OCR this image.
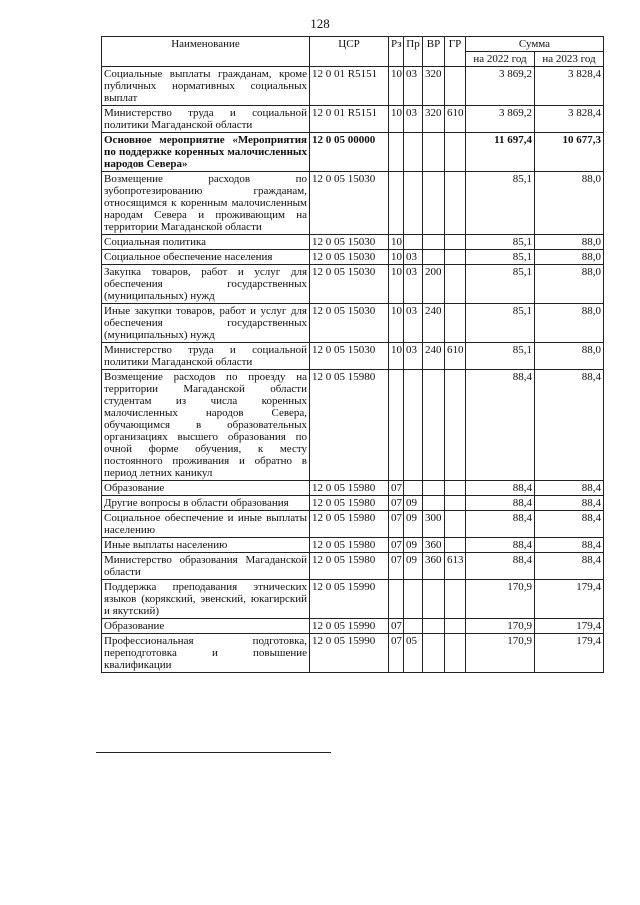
128
Наименование	ЦСР	Рз	Пр	ВР	ГР	Сумма	
						на 2022 год	на 2023 год
Социальные выплаты гражданам, кроме публичных нормативных социальных выплат	12 0 01 R5151	10	03	320		3 869,2	3 828,4
Министерство труда и социальной политики Магаданской области	12 0 01 R5151	10	03	320	610	3 869,2	3 828,4
Основное мероприятие «Мероприятия по поддержке коренных малочисленных народов Севера»	12 0 05 00000					11 697,4	10 677,3
Возмещение расходов по зубопротезированию гражданам, относящимся к коренным малочисленным народам Севера и проживающим на территории Магаданской области	12 0 05 15030					85,1	88,0
Социальная политика	12 0 05 15030	10				85,1	88,0
Социальное обеспечение населения	12 0 05 15030	10	03			85,1	88,0
Закупка товаров, работ и услуг для обеспечения государственных (муниципальных) нужд	12 0 05 15030	10	03	200		85,1	88,0
Иные закупки товаров, работ и услуг для обеспечения государственных (муниципальных) нужд	12 0 05 15030	10	03	240		85,1	88,0
Министерство труда и социальной политики Магаданской области	12 0 05 15030	10	03	240	610	85,1	88,0
Возмещение расходов по проезду на территории Магаданской области студентам из числа коренных малочисленных народов Севера, обучающимся в образовательных организациях высшего образования по очной форме обучения, к месту постоянного проживания и обратно в период летних каникул	12 0 05 15980					88,4	88,4
Образование	12 0 05 15980	07				88,4	88,4
Другие вопросы в области образования	12 0 05 15980	07	09			88,4	88,4
Социальное обеспечение и иные выплаты населению	12 0 05 15980	07	09	300		88,4	88,4
Иные выплаты населению	12 0 05 15980	07	09	360		88,4	88,4
Министерство образования Магаданской области	12 0 05 15980	07	09	360	613	88,4	88,4
Поддержка преподавания этнических языков (корякский, эвенский, юкагирский и якутский)	12 0 05 15990					170,9	179,4
Образование	12 0 05 15990	07				170,9	179,4
Профессиональная подготовка, переподготовка и повышение квалификации	12 0 05 15990	07	05			170,9	179,4
